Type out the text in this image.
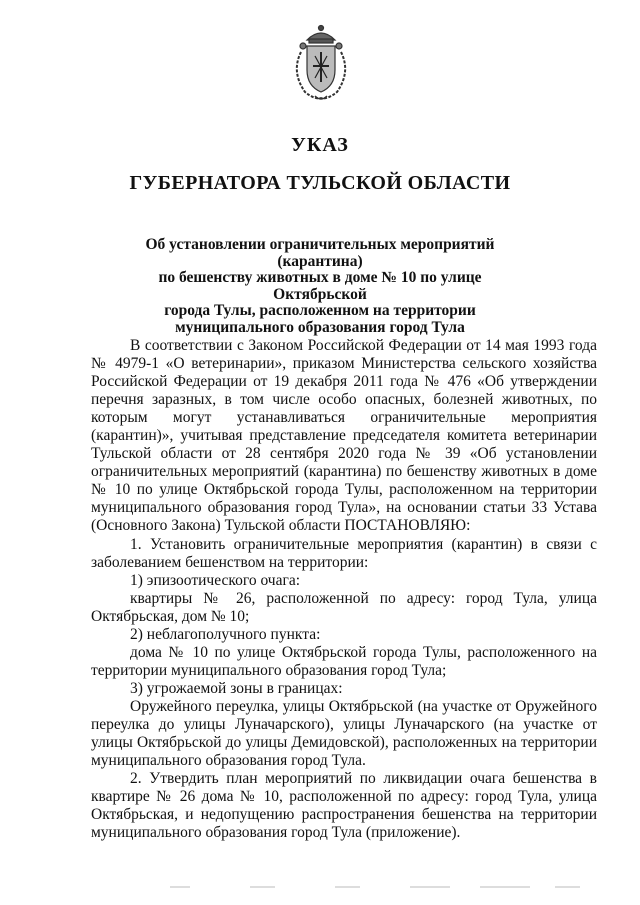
УКАЗ
ГУБЕРНАТОРА ТУЛЬСКОЙ ОБЛАСТИ
Об установлении ограничительных мероприятий (карантина)
по бешенству животных в доме № 10 по улице Октябрьской
города Тулы, расположенном на территории
муниципального образования город Тула

В соответствии с Законом Российской Федерации от 14 мая 1993 года № 4979-1 «О ветеринарии», приказом Министерства сельского хозяйства Российской Федерации от 19 декабря 2011 года № 476 «Об утверждении перечня заразных, в том числе особо опасных, болезней животных, по которым могут устанавливаться ограничительные мероприятия (карантин)», учитывая представление председателя комитета ветеринарии Тульской области от 28 сентября 2020 года № 39 «Об установлении ограничительных мероприятий (карантина) по бешенству животных в доме № 10 по улице Октябрьской города Тулы, расположенном на территории муниципального образования город Тула», на основании статьи 33 Устава (Основного Закона) Тульской области ПОСТАНОВЛЯЮ:

1. Установить ограничительные мероприятия (карантин) в связи с заболеванием бешенством на территории:

1) эпизоотического очага:

квартиры № 26, расположенной по адресу: город Тула, улица Октябрьская, дом № 10;

2) неблагополучного пункта:

дома № 10 по улице Октябрьской города Тулы, расположенного на территории муниципального образования город Тула;

3) угрожаемой зоны в границах:

Оружейного переулка, улицы Октябрьской (на участке от Оружейного переулка до улицы Луначарского), улицы Луначарского (на участке от улицы Октябрьской до улицы Демидовской), расположенных на территории муниципального образования город Тула.

2. Утвердить план мероприятий по ликвидации очага бешенства в квартире № 26 дома № 10, расположенной по адресу: город Тула, улица Октябрьская, и недопущению распространения бешенства на территории муниципального образования город Тула (приложение).
